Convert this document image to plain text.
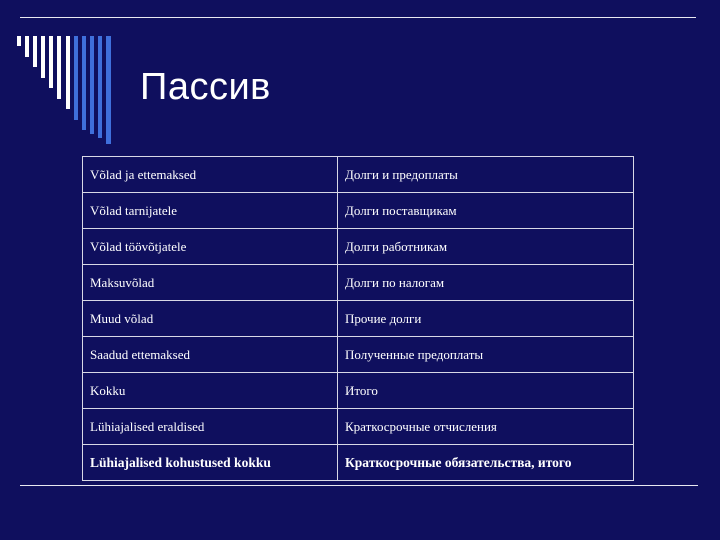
Пассив
Võlad ja ettemaksed	Долги и предоплаты
Võlad tarnijatele	Долги поставщикам
Võlad töövõtjatele	Долги работникам
Maksuvõlad	Долги по налогам
Muud võlad	Прочие долги
Saadud ettemaksed	Полученные предоплаты
Kokku	Итого
Lühiajalised eraldised	Краткосрочные отчисления
Lühiajalised kohustused kokku	Краткосрочные обязательства, итого
